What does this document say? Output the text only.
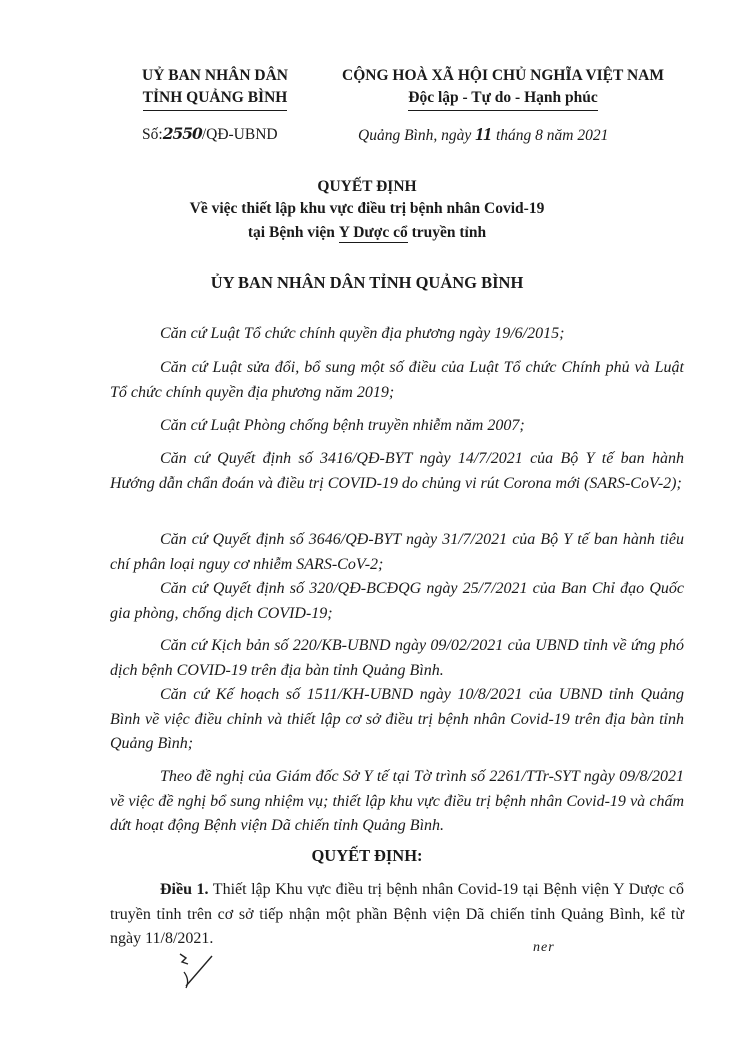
UỶ BAN NHÂN DÂN
TỈNH QUẢNG BÌNH
CỘNG HOÀ XÃ HỘI CHỦ NGHĨA VIỆT NAM
Độc lập - Tự do - Hạnh phúc
Số:2550/QĐ-UBND	Quảng Bình, ngày 11 tháng 8 năm 2021
QUYẾT ĐỊNH
Về việc thiết lập khu vực điều trị bệnh nhân Covid-19
tại Bệnh viện Y Dược cổ truyền tỉnh
ỦY BAN NHÂN DÂN TỈNH QUẢNG BÌNH
Căn cứ Luật Tổ chức chính quyền địa phương ngày 19/6/2015;
Căn cứ Luật sửa đổi, bổ sung một số điều của Luật Tổ chức Chính phủ và Luật Tổ chức chính quyền địa phương năm 2019;
Căn cứ Luật Phòng chống bệnh truyền nhiễm năm 2007;
Căn cứ Quyết định số 3416/QĐ-BYT ngày 14/7/2021 của Bộ Y tế ban hành Hướng dẫn chẩn đoán và điều trị COVID-19 do chủng vi rút Corona mới (SARS-CoV-2);
Căn cứ Quyết định số 3646/QĐ-BYT ngày 31/7/2021 của Bộ Y tế ban hành tiêu chí phân loại nguy cơ nhiễm SARS-CoV-2;
Căn cứ Quyết định số 320/QĐ-BCĐQG ngày 25/7/2021 của Ban Chỉ đạo Quốc gia phòng, chống dịch COVID-19;
Căn cứ Kịch bản số 220/KB-UBND ngày 09/02/2021 của UBND tỉnh về ứng phó dịch bệnh COVID-19 trên địa bàn tỉnh Quảng Bình.
Căn cứ Kế hoạch số 1511/KH-UBND ngày 10/8/2021 của UBND tỉnh Quảng Bình về việc điều chỉnh và thiết lập cơ sở điều trị bệnh nhân Covid-19 trên địa bàn tỉnh Quảng Bình;
Theo đề nghị của Giám đốc Sở Y tế tại Tờ trình số 2261/TTr-SYT ngày 09/8/2021 về việc đề nghị bổ sung nhiệm vụ; thiết lập khu vực điều trị bệnh nhân Covid-19 và chấm dứt hoạt động Bệnh viện Dã chiến tỉnh Quảng Bình.
QUYẾT ĐỊNH:
Điều 1. Thiết lập Khu vực điều trị bệnh nhân Covid-19 tại Bệnh viện Y Dược cổ truyền tỉnh trên cơ sở tiếp nhận một phần Bệnh viện Dã chiến tỉnh Quảng Bình, kể từ ngày 11/8/2021.
ner
